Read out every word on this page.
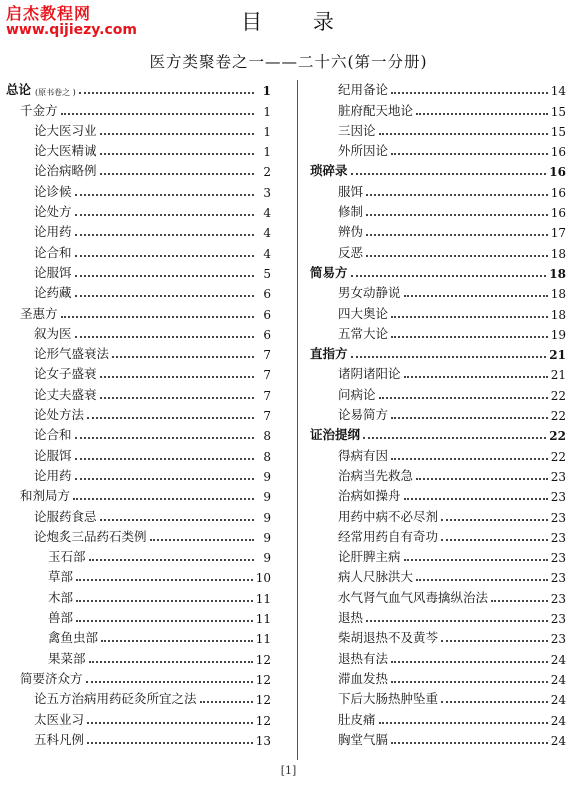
启杰教程网
www.qijiezy.com	目 录
医方类聚卷之一——二十六(第一分册)
总论 (原书卷之 )	1
千金方	1
论大医习业	1
论大医精诚	1
论治病略例	2
论诊候	3
论处方	4
论用药	4
论合和	4
论服饵	5
论药藏	6
圣惠方	6
叙为医	6
论形气盛衰法	7
论女子盛衰	7
论丈夫盛衰	7
论处方法	7
论合和	8
论服饵	8
论用药	9
和剂局方	9
论服药食忌	9
论炮炙三品药石类例	9
玉石部	9
草部	10
木部	11
兽部	11
禽鱼虫部	11
果菜部	12
简要济众方	12
论五方治病用药砭灸所宜之法	12
太医业习	12
五科凡例	13
纪用备论	14
脏府配天地论	15
三因论	15
外所因论	16
琐碎录	16
服饵	16
修制	16
辨伪	17
反恶	18
简易方	18
男女动静说	18
四大奥论	18
五常大论	19
直指方	21
诸阴诸阳论	21
问病论	22
论易简方	22
证治提纲	22
得病有因	22
治病当先救急	23
治病如操舟	23
用药中病不必尽剂	23
经常用药自有奇功	23
论肝脾主病	23
病人尺脉洪大	23
水气肾气血气风毒擒纵治法	23
退热	23
柴胡退热不及黄芩	23
退热有法	24
滞血发热	24
下后大肠热肿坠重	24
肚皮痛	24
胸堂气膈	24
[1]
